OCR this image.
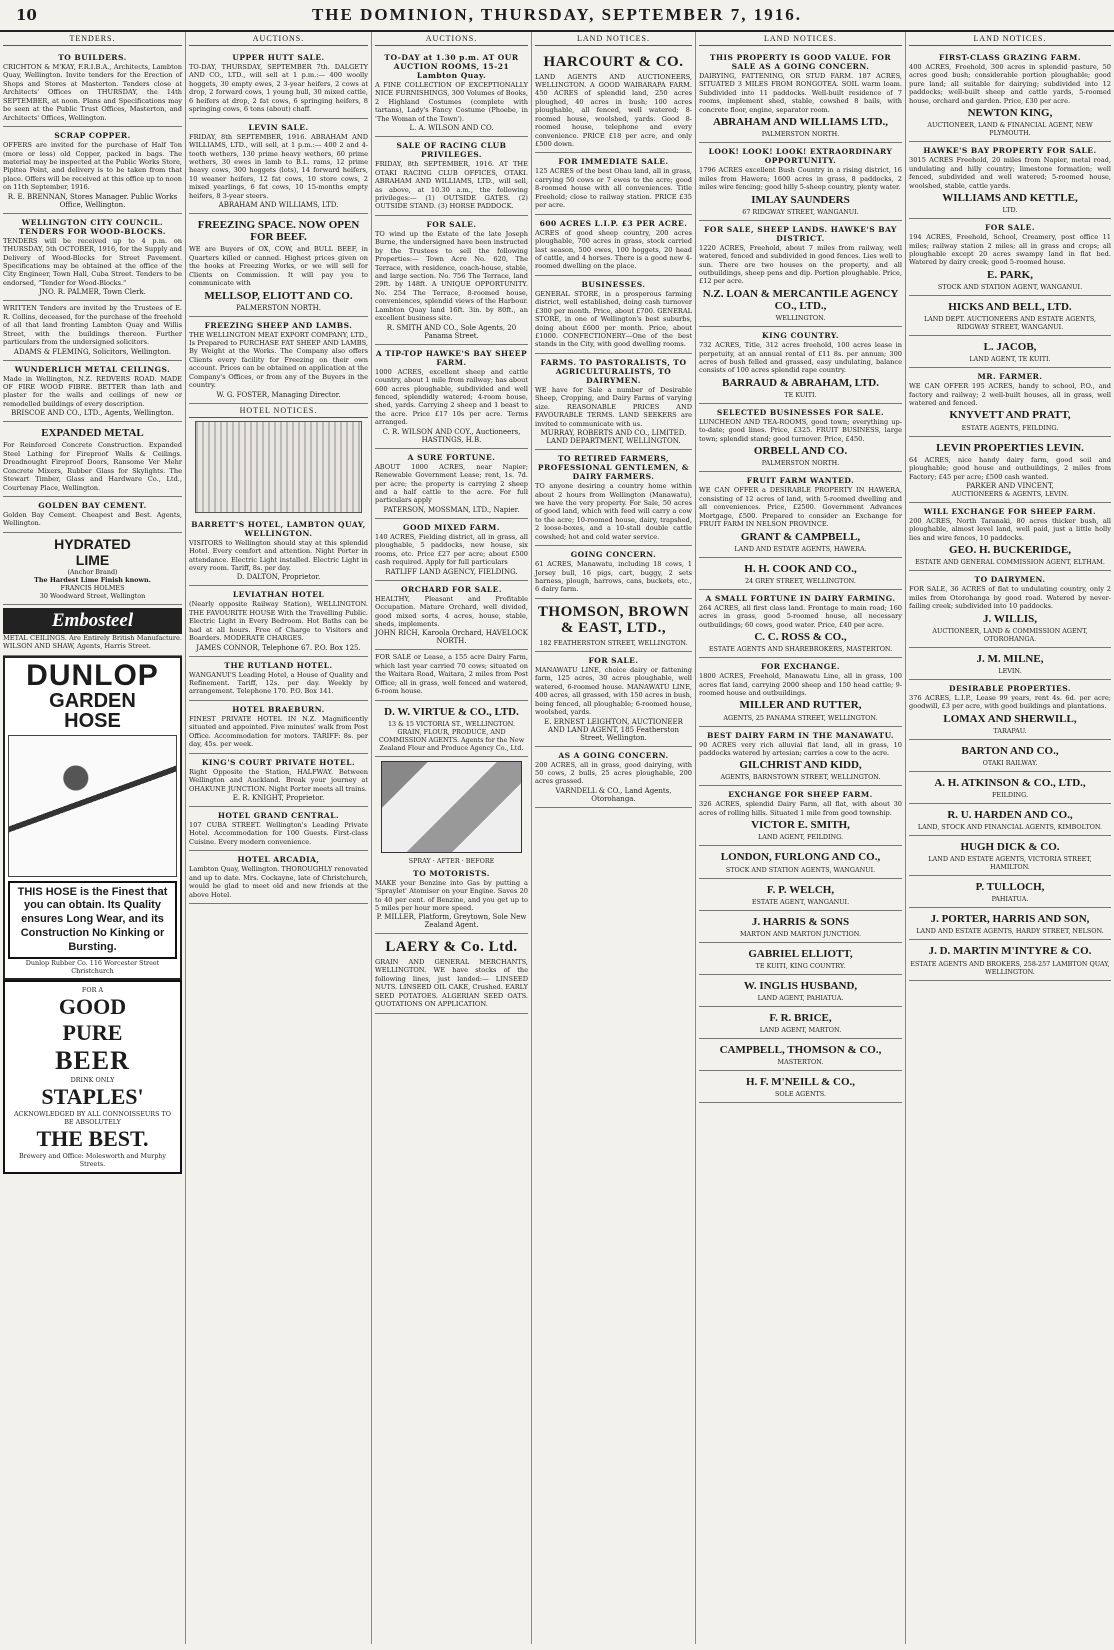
10	THE DOMINION, THURSDAY, SEPTEMBER 7, 1916.
TENDERS.
TO BUILDERS.
CRICHTON & M'KAY, F.R.I.B.A., Architects, Lambton Quay, Wellington. Invite tenders for the Erection of Shops and Stores at Masterton. Tenders close at Architects' Offices on THURSDAY, the 14th SEPTEMBER, at noon. Plans and Specifications may be seen at the Public Trust Offices, Masterton, and Architects' Offices, Wellington.
SCRAP COPPER.
OFFERS are invited for the purchase of Half Ton (more or less) old Copper, packed in bags. The material may be inspected at the Public Works Store, Pipitea Point, and delivery is to be taken from that place. Offers will be received at this office up to noon on 11th September, 1916.
R. E. BRENNAN, Stores Manager. Public Works Office, Wellington.
WELLINGTON CITY COUNCIL. TENDERS FOR WOOD-BLOCKS.
TENDERS will be received up to 4 p.m. on THURSDAY, 5th OCTOBER, 1916, for the Supply and Delivery of Wood-Blocks for Street Pavement. Specifications may be obtained at the office of the City Engineer, Town Hall, Cuba Street. Tenders to be endorsed, "Tender for Wood-Blocks."
JNO. R. PALMER, Town Clerk.
WRITTEN Tenders are invited by the Trustees of E. R. Collins, deceased, for the purchase of the freehold of all that land fronting Lambton Quay and Willis Street, with the buildings thereon. Further particulars from the undersigned solicitors.
ADAMS & FLEMING, Solicitors, Wellington.
WUNDERLICH METAL CEILINGS.
Made in Wellington, N.Z. REDVERS ROAD. MADE OF FIRE WOOD FIBRE. BETTER than lath and plaster for the walls and ceilings of new or remodelled buildings of every description.
BRISCOE AND CO., LTD., Agents, Wellington.
EXPANDED METAL
For Reinforced Concrete Construction. Expanded Steel Lathing for Fireproof Walls & Ceilings. Dreadnought Fireproof Doors, Ransome Ver Mehr Concrete Mixers, Rubber Glass for Skylights. The Stewart Timber, Glass and Hardware Co., Ltd., Courtenay Place, Wellington.
GOLDEN BAY CEMENT.
Golden Bay Cement. Cheapest and Best. Agents, Wellington.
HYDRATED
LIME
(Anchor Brand)
The Hardest Lime Finish known.
FRANCIS HOLMES
30 Woodward Street, Wellington
Embosteel
METAL CEILINGS. Are Entirely British Manufacture. WILSON AND SHAW, Agents, Harris Street.
DUNLOP
GARDEN
HOSE
THIS HOSE is the Finest that you can obtain. Its Quality ensures Long Wear, and its Construction No Kinking or Bursting.
Dunlop Rubber Co. 116 Worcester Street Christchurch
FOR A
GOOD
PURE
BEER
DRINK ONLY
STAPLES'
ACKNOWLEDGED BY ALL CONNOISSEURS TO BE ABSOLUTELY
THE BEST.
Brewery and Office: Molesworth and Murphy Streets.
AUCTIONS.
UPPER HUTT SALE.
TO-DAY, THURSDAY, SEPTEMBER 7th. DALGETY AND CO., LTD., will sell at 1 p.m.:— 400 woolly hoggets, 30 empty ewes, 2 3-year heifers, 2 cows at drop, 2 forward cows, 1 young bull, 30 mixed cattle, 6 heifers at drop, 2 fat cows, 6 springing heifers, 8 springing cows, 6 tons (about) chaff.
LEVIN SALE.
FRIDAY, 8th SEPTEMBER, 1916. ABRAHAM AND WILLIAMS, LTD., will sell, at 1 p.m.:— 400 2 and 4-tooth wethers, 130 prime heavy wethers, 60 prime wethers, 30 ewes in lamb to B.L. rams, 12 prime heavy cows, 300 hoggets (lots), 14 forward heifers, 10 weaner heifers, 12 fat cows, 10 store cows, 2 mixed yearlings, 6 fat cows, 10 15-months empty heifers, 8 3-year steers.
ABRAHAM AND WILLIAMS, LTD.
FREEZING SPACE. NOW OPEN FOR BEEF.
WE are Buyers of OX, COW, and BULL BEEF, in Quarters killed or canned. Highest prices given on the hooks at Freezing Works, or we will sell for Clients on Commission. It will pay you to communicate with
MELLSOP, ELIOTT AND CO.
PALMERSTON NORTH.
FREEZING SHEEP AND LAMBS.
THE WELLINGTON MEAT EXPORT COMPANY, LTD., Is Prepared to PURCHASE FAT SHEEP AND LAMBS, By Weight at the Works. The Company also offers Clients every facility for Freezing on their own account. Prices can be obtained on application at the Company's Offices, or from any of the Buyers in the country.
W. G. FOSTER, Managing Director.
HOTEL NOTICES.
BARRETT'S HOTEL, LAMBTON QUAY, WELLINGTON.
VISITORS to Wellington should stay at this splendid Hotel. Every comfort and attention. Night Porter in attendance. Electric Light installed. Electric Light in every room. Tariff, 8s. per day.
D. DALTON, Proprietor.
LEVIATHAN HOTEL
(Nearly opposite Railway Station), WELLINGTON. THE FAVOURITE HOUSE With the Travelling Public. Electric Light in Every Bedroom. Hot Baths can be had at all hours. Free of Charge to Visitors and Boarders. MODERATE CHARGES.
JAMES CONNOR, Telephone 67. P.O. Box 125.
THE RUTLAND HOTEL.
WANGANUI'S Leading Hotel, a House of Quality and Refinement. Tariff, 12s. per day. Weekly by arrangement. Telephone 170. P.O. Box 141.
HOTEL BRAEBURN.
FINEST PRIVATE HOTEL IN N.Z. Magnificently situated and appointed. Five minutes' walk from Post Office. Accommodation for motors. TARIFF: 8s. per day, 45s. per week.
KING'S COURT PRIVATE HOTEL.
Right Opposite the Station, HALFWAY. Between Wellington and Auckland. Break your journey at OHAKUNE JUNCTION. Night Porter meets all trains.
E. R. KNIGHT, Proprietor.
HOTEL GRAND CENTRAL.
107 CUBA STREET. Wellington's Leading Private Hotel. Accommodation for 100 Guests. First-class Cuisine. Every modern convenience.
HOTEL ARCADIA,
Lambton Quay, Wellington. THOROUGHLY renovated and up to date. Mrs. Cockayne, late of Christchurch, would be glad to meet old and new friends at the above Hotel.
AUCTIONS.
TO-DAY at 1.30 p.m. AT OUR AUCTION ROOMS, 15-21 Lambton Quay.
A FINE COLLECTION OF EXCEPTIONALLY NICE FURNISHINGS, 300 Volumes of Books, 2 Highland Costumes (complete with tartans), Lady's Fancy Costume (Phoebe, in 'The Woman of the Town').
L. A. WILSON AND CO.
SALE OF RACING CLUB PRIVILEGES.
FRIDAY, 8th SEPTEMBER, 1916. AT THE OTAKI RACING CLUB OFFICES, OTAKI. ABRAHAM AND WILLIAMS, LTD., will sell, as above, at 10.30 a.m., the following privileges:— (1) OUTSIDE GATES. (2) OUTSIDE STAND. (3) HORSE PADDOCK.
FOR SALE.
TO wind up the Estate of the late Joseph Burne, the undersigned have been instructed by the Trustees to sell the following Properties:— Town Acre No. 620, The Terrace, with residence, coach-house, stable, and large section. No. 756 The Terrace, land 29ft. by 148ft. A UNIQUE OPPORTUNITY. No. 254 The Terrace, 8-roomed house, conveniences, splendid views of the Harbour. Lambton Quay land 16ft. 3in. by 80ft., an excellent business site.
R. SMITH AND CO., Sole Agents, 20 Panama Street.
A TIP-TOP HAWKE'S BAY SHEEP FARM.
1000 ACRES, excellent sheep and cattle country, about 1 mile from railway; has about 600 acres ploughable, subdivided and well fenced, splendidly watered; 4-room house, shed, yards. Carrying 2 sheep and 1 beast to the acre. Price £17 10s per acre. Terms arranged.
C. R. WILSON AND COY., Auctioneers, HASTINGS, H.B.
A SURE FORTUNE.
ABOUT 1000 ACRES, near Napier; Renewable Government Lease; rent, 1s. 7d. per acre; the property is carrying 2 sheep and a half cattle to the acre. For full particulars apply
PATERSON, MOSSMAN, LTD., Napier.
GOOD MIXED FARM.
140 ACRES, Fielding district, all in grass, all ploughable, 5 paddocks, new house, six rooms, etc. Price £27 per acre; about £500 cash required. Apply for full particulars
RATLIFF LAND AGENCY, FIELDING.
ORCHARD FOR SALE.
HEALTHY, Pleasant and Profitable Occupation. Mature Orchard, well divided, good mixed sorts, 4 acres, house, stable, sheds, implements.
JOHN RICH, Karoola Orchard, HAVELOCK NORTH.
FOR SALE or Lease, a 155 acre Dairy Farm, which last year carried 70 cows; situated on the Waitara Road, Waitara, 2 miles from Post Office; all in grass, well fenced and watered, 6-room house.
D. W. VIRTUE & CO., LTD.
13 & 15 VICTORIA ST., WELLINGTON. GRAIN, FLOUR, PRODUCE, AND COMMISSION AGENTS. Agents for the New Zealand Flour and Produce Agency Co., Ltd.
SPRAY · AFTER · BEFORE
TO MOTORISTS.
MAKE your Benzine into Gas by putting a 'Spraylet' Atomiser on your Engine. Saves 20 to 40 per cent. of Benzine, and you get up to 5 miles per hour more speed.
P. MILLER, Platform, Greytown, Sole New Zealand Agent.
LAERY & Co. Ltd.
GRAIN AND GENERAL MERCHANTS, WELLINGTON. WE have stocks of the following lines, just landed:— LINSEED NUTS. LINSEED OIL CAKE, Crushed. EARLY SEED POTATOES. ALGERIAN SEED OATS. QUOTATIONS ON APPLICATION.
LAND NOTICES.
HARCOURT & CO.
LAND AGENTS AND AUCTIONEERS, WELLINGTON. A GOOD WAIRARAPA FARM. 450 ACRES of splendid land, 250 acres ploughed, 40 acres in bush; 100 acres ploughable, all fenced, well watered; 8-roomed house, woolshed, yards. Good 8-roomed house, telephone and every convenience. PRICE £18 per acre, and only £500 down.
FOR IMMEDIATE SALE.
125 ACRES of the best Ohau land, all in grass, carrying 50 cows or 7 ewes to the acre; good 8-roomed house with all conveniences. Title Freehold; close to railway station. PRICE £35 per acre.
600 ACRES L.I.P. £3 PER ACRE.
ACRES of good sheep country, 200 acres ploughable, 700 acres in grass, stock carried last season, 500 ewes, 100 hoggets, 20 head of cattle, and 4 horses. There is a good new 4-roomed dwelling on the place.
BUSINESSES.
GENERAL STORE, in a prosperous farming district, well established, doing cash turnover £300 per month. Price, about £700. GENERAL STORE, in one of Wellington's best suburbs, doing about £600 per month. Price, about £1000. CONFECTIONERY—One of the best stands in the City, with good dwelling rooms.
FARMS. TO PASTORALISTS, TO AGRICULTURALISTS, TO DAIRYMEN.
WE have for Sale a number of Desirable Sheep, Cropping, and Dairy Farms of varying size. REASONABLE PRICES AND FAVOURABLE TERMS. LAND SEEKERS are invited to communicate with us.
MURRAY, ROBERTS AND CO., LIMITED. LAND DEPARTMENT, WELLINGTON.
TO RETIRED FARMERS, PROFESSIONAL GENTLEMEN, & DAIRY FARMERS.
TO anyone desiring a country home within about 2 hours from Wellington (Manawatu), we have the very property. For Sale, 50 acres of good land, which with feed will carry a cow to the acre; 10-roomed house, dairy, trapshed, 2 loose-boxes, and a 10-stall double cattle cowshed; hot and cold water service.
GOING CONCERN.
61 ACRES, Manawatu, including 18 cows, 1 Jersey bull, 16 pigs, cart, buggy, 2 sets harness, plough, harrows, cans, buckets, etc., 6 dairy farm.
THOMSON, BROWN & EAST, LTD.,
182 FEATHERSTON STREET, WELLINGTON.
FOR SALE.
MANAWATU LINE, choice dairy or fattening farm, 125 acres, 30 acres ploughable, well watered, 6-roomed house. MANAWATU LINE, 400 acres, all grassed, with 150 acres in bush, being fenced, all ploughable; 6-roomed house, woolshed, yards.
E. ERNEST LEIGHTON, AUCTIONEER AND LAND AGENT, 185 Featherston Street, Wellington.
AS A GOING CONCERN.
200 ACRES, all in grass, good dairying, with 50 cows, 2 bulls, 25 acres ploughable, 200 acres grassed.
VARNDELL & CO., Land Agents, Otorohanga.
LAND NOTICES.
THIS PROPERTY IS GOOD VALUE. FOR SALE AS A GOING CONCERN.
DAIRYING, FATTENING, OR STUD FARM. 187 ACRES, SITUATED 3 MILES FROM RONGOTEA. SOIL warm loam. Subdivided into 11 paddocks. Well-built residence of 7 rooms, implement shed, stable, cowshed 8 bails, with concrete floor, engine, separator room.
ABRAHAM AND WILLIAMS LTD.,
PALMERSTON NORTH.
LOOK! LOOK! LOOK! EXTRAORDINARY OPPORTUNITY.
1796 ACRES excellent Bush Country in a rising district, 16 miles from Hawera; 1600 acres in grass, 8 paddocks, 2 miles wire fencing; good hilly 5-sheep country, plenty water.
IMLAY SAUNDERS
67 RIDGWAY STREET, WANGANUI.
FOR SALE, SHEEP LANDS. HAWKE'S BAY DISTRICT.
1220 ACRES, Freehold, about 7 miles from railway, well watered, fenced and subdivided in good fences. Lies well to sun. There are two houses on the property, and all outbuildings, sheep pens and dip. Portion ploughable. Price, £12 per acre.
N.Z. LOAN & MERCANTILE AGENCY CO., LTD.,
WELLINGTON.
KING COUNTRY.
732 ACRES, Title, 312 acres freehold, 100 acres lease in perpetuity, at an annual rental of £11 8s. per annum; 300 acres of bush felled and grassed, easy undulating, balance consists of 100 acres splendid rape country.
BARRAUD & ABRAHAM, LTD.
TE KUITI.
SELECTED BUSINESSES FOR SALE.
LUNCHEON AND TEA-ROOMS, good town; everything up-to-date; good lines. Price, £325. FRUIT BUSINESS, large town; splendid stand; good turnover. Price, £450.
ORBELL AND CO.
PALMERSTON NORTH.
FRUIT FARM WANTED.
WE CAN OFFER a DESIRABLE PROPERTY IN HAWERA, consisting of 12 acres of land, with 5-roomed dwelling and all conveniences. Price, £2500. Government Advances Mortgage, £500. Prepared to consider an Exchange for FRUIT FARM IN NELSON PROVINCE.
GRANT & CAMPBELL,
LAND AND ESTATE AGENTS, HAWERA.
H. H. COOK AND CO.,
24 GREY STREET, WELLINGTON.
A SMALL FORTUNE IN DAIRY FARMING.
264 ACRES, all first class land. Frontage to main road; 160 acres in grass, good 5-roomed house, all necessary outbuildings; 60 cows, good water. Price, £40 per acre.
C. C. ROSS & CO.,
ESTATE AGENTS AND SHAREBROKERS, MASTERTON.
FOR EXCHANGE.
1800 ACRES, Freehold, Manawatu Line, all in grass, 100 acres flat land, carrying 2000 sheep and 150 head cattle; 9-roomed house and outbuildings.
MILLER AND RUTTER,
AGENTS, 25 PANAMA STREET, WELLINGTON.
BEST DAIRY FARM IN THE MANAWATU.
90 ACRES very rich alluvial flat land, all in grass, 10 paddocks watered by artesian; carries a cow to the acre.
GILCHRIST AND KIDD,
AGENTS, BARNSTOWN STREET, WELLINGTON.
EXCHANGE FOR SHEEP FARM.
326 ACRES, splendid Dairy Farm, all flat, with about 30 acres of rolling hills. Situated 1 mile from good township.
VICTOR E. SMITH,
LAND AGENT, FEILDING.
LONDON, FURLONG AND CO.,
STOCK AND STATION AGENTS, WANGANUI.
F. P. WELCH,
ESTATE AGENT, WANGANUI.
J. HARRIS & SONS
MARTON AND MARTON JUNCTION.
GABRIEL ELLIOTT,
TE KUITI, KING COUNTRY.
W. INGLIS HUSBAND,
LAND AGENT, PAHIATUA.
F. R. BRICE,
LAND AGENT, MARTON.
CAMPBELL, THOMSON & CO.,
MASTERTON.
H. F. M'NEILL & CO.,
SOLE AGENTS.
LAND NOTICES.
FIRST-CLASS GRAZING FARM.
400 ACRES, Freehold, 300 acres in splendid pasture, 50 acres good bush; considerable portion ploughable; good pure land; all suitable for dairying; subdivided into 12 paddocks; well-built sheep and cattle yards, 5-roomed house, orchard and garden. Price, £30 per acre.
NEWTON KING,
AUCTIONEER, LAND & FINANCIAL AGENT, NEW PLYMOUTH.
HAWKE'S BAY PROPERTY FOR SALE.
3015 ACRES Freehold, 20 miles from Napier, metal road, undulating and hilly country; limestone formation; well fenced, subdivided and well watered; 5-roomed house, woolshed, stable, cattle yards.
WILLIAMS AND KETTLE,
LTD.
FOR SALE.
194 ACRES, Freehold, School, Creamery, post office 11 miles; railway station 2 miles; all in grass and crops; all ploughable except 20 acres swampy land in flat bed. Watered by dairy creek; good 5-roomed house.
E. PARK,
STOCK AND STATION AGENT, WANGANUI.
HICKS AND BELL, LTD.
LAND DEPT. AUCTIONEERS AND ESTATE AGENTS, RIDGWAY STREET, WANGANUI.
L. JACOB,
LAND AGENT, TE KUITI.
MR. FARMER.
WE CAN OFFER 195 ACRES, handy to school, P.O., and factory and railway; 2 well-built houses, all in grass, well watered and fenced.
KNYVETT AND PRATT,
ESTATE AGENTS, FEILDING.
LEVIN PROPERTIES LEVIN.
64 ACRES, nice handy dairy farm, good soil and ploughable; good house and outbuildings, 2 miles from Factory; £45 per acre; £500 cash wanted.
PARKER AND VINCENT,
AUCTIONEERS & AGENTS, LEVIN.
WILL EXCHANGE FOR SHEEP FARM.
200 ACRES, North Taranaki, 80 acres thicker bush, all ploughable, almost level land, well paid, just a little holly lies and wire fences, 10 paddocks.
GEO. H. BUCKERIDGE,
ESTATE AND GENERAL COMMISSION AGENT, ELTHAM.
TO DAIRYMEN.
FOR SALE, 36 ACRES of flat to undulating country, only 2 miles from Otorohanga by good road. Watered by never-failing creek; subdivided into 10 paddocks.
J. WILLIS,
AUCTIONEER, LAND & COMMISSION AGENT, OTOROHANGA.
J. M. MILNE,
LEVIN.
DESIRABLE PROPERTIES.
376 ACRES, L.I.P., Lease 99 years, rent 4s. 6d. per acre; goodwill, £3 per acre, with good buildings and plantations.
LOMAX AND SHERWILL,
TARAPAU.
BARTON AND CO.,
OTAKI RAILWAY.
A. H. ATKINSON & CO., LTD.,
FEILDING.
R. U. HARDEN AND CO.,
LAND, STOCK AND FINANCIAL AGENTS, KIMBOLTON.
HUGH DICK & CO.
LAND AND ESTATE AGENTS, VICTORIA STREET, HAMILTON.
P. TULLOCH,
PAHIATUA.
J. PORTER, HARRIS AND SON,
LAND AND ESTATE AGENTS, HARDY STREET, NELSON.
J. D. MARTIN M'INTYRE & CO.
ESTATE AGENTS AND BROKERS, 258-257 LAMBTON QUAY, WELLINGTON.
